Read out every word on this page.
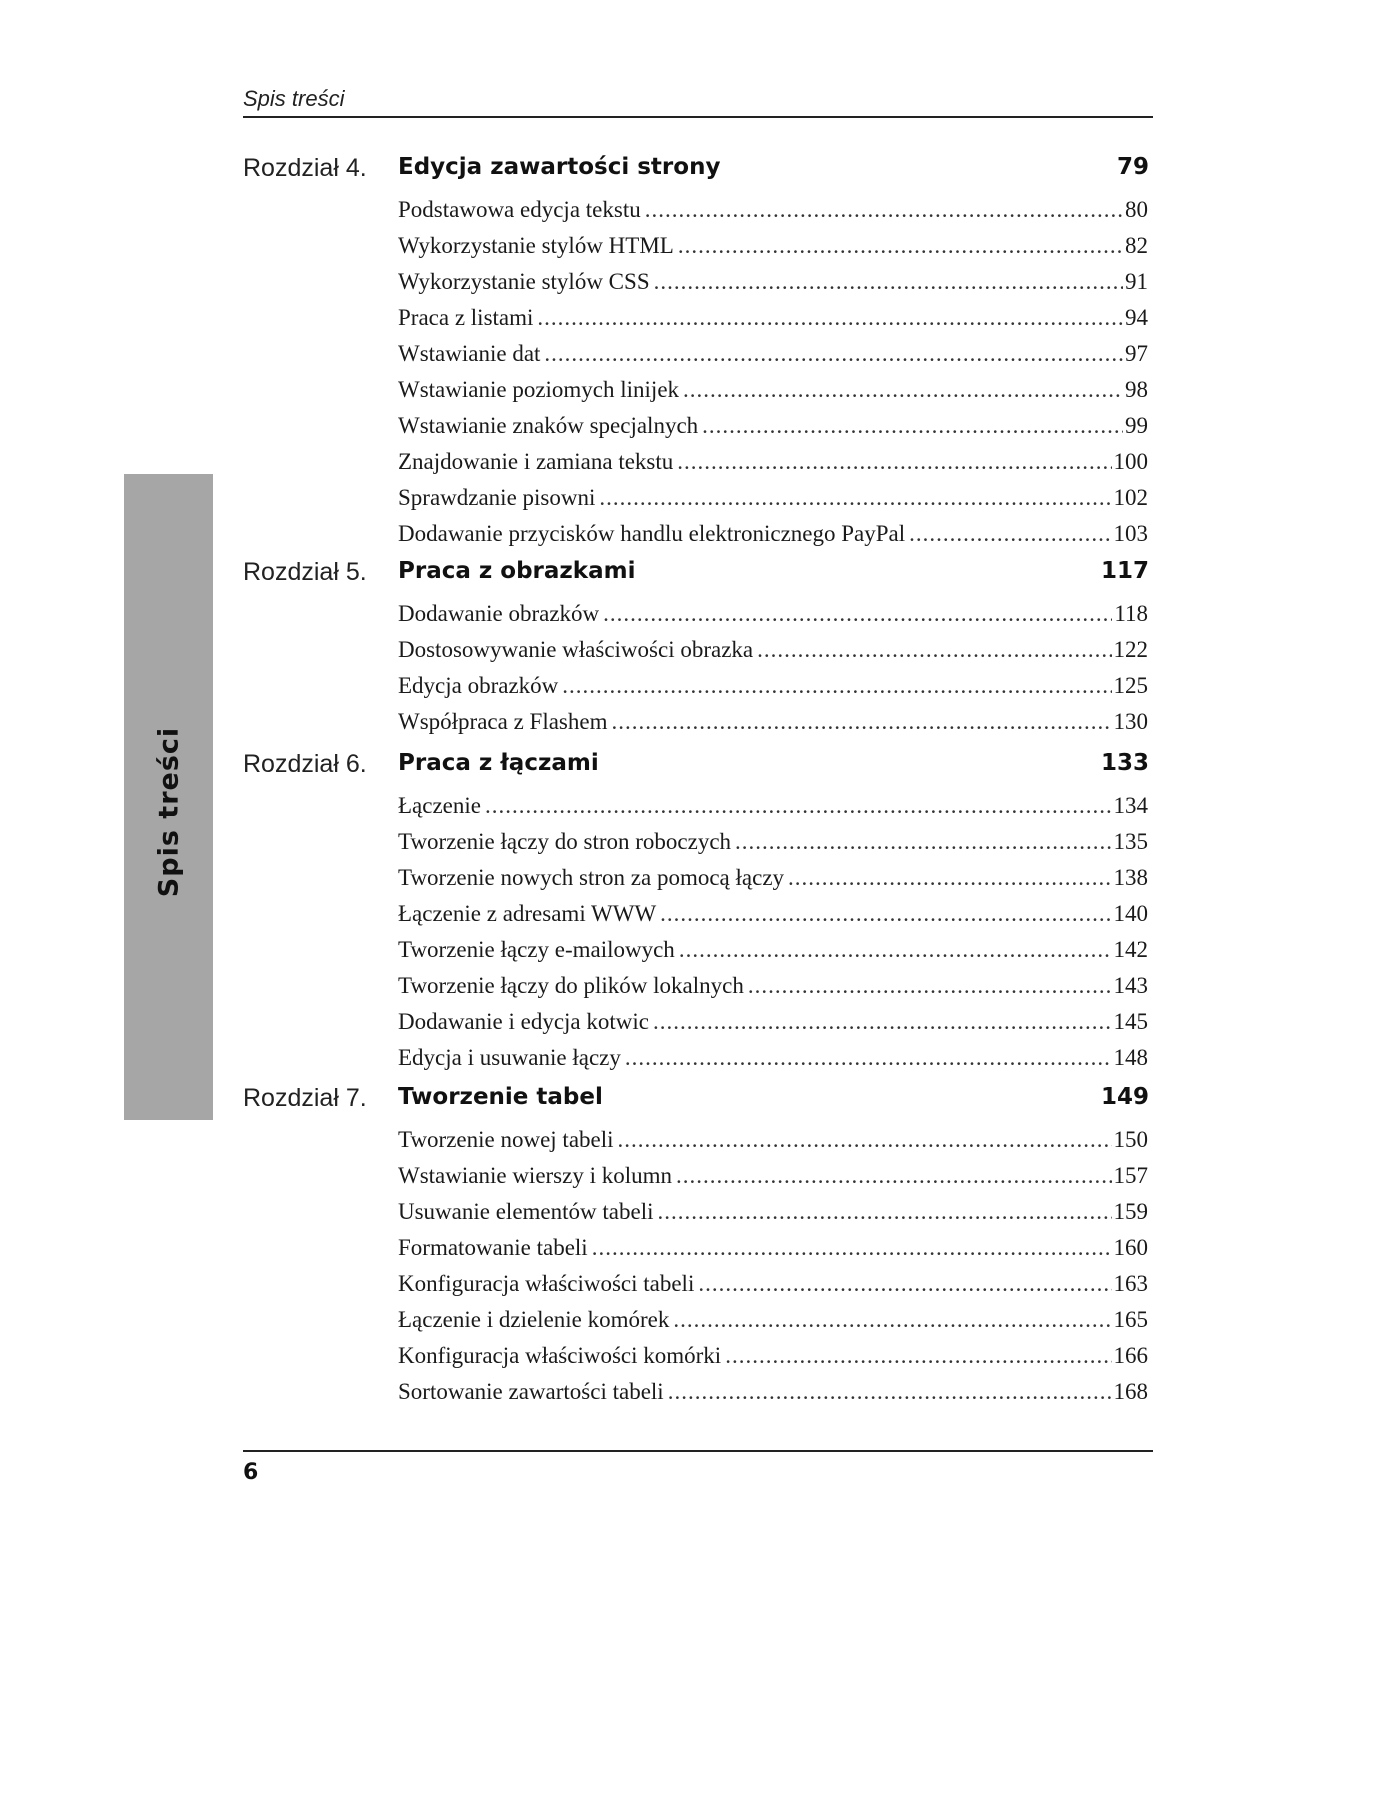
Spis treści
Spis treści
Rozdział 4. Edycja zawartości strony	79
Podstawowa edycja tekstu .....	80
Wykorzystanie stylów HTML .....	82
Wykorzystanie stylów CSS .....	91
Praca z listami .....	94
Wstawianie dat .....	97
Wstawianie poziomych linijek .....	98
Wstawianie znaków specjalnych .....	99
Znajdowanie i zamiana tekstu .....	100
Sprawdzanie pisowni .....	102
Dodawanie przycisków handlu elektronicznego PayPal .....	103
Rozdział 5. Praca z obrazkami	117
Dodawanie obrazków .....	118
Dostosowywanie właściwości obrazka .....	122
Edycja obrazków .....	125
Współpraca z Flashem .....	130
Rozdział 6. Praca z łączami	133
Łączenie .....	134
Tworzenie łączy do stron roboczych .....	135
Tworzenie nowych stron za pomocą łączy .....	138
Łączenie z adresami WWW .....	140
Tworzenie łączy e-mailowych .....	142
Tworzenie łączy do plików lokalnych .....	143
Dodawanie i edycja kotwic .....	145
Edycja i usuwanie łączy .....	148
Rozdział 7. Tworzenie tabel	149
Tworzenie nowej tabeli .....	150
Wstawianie wierszy i kolumn .....	157
Usuwanie elementów tabeli .....	159
Formatowanie tabeli .....	160
Konfiguracja właściwości tabeli .....	163
Łączenie i dzielenie komórek .....	165
Konfiguracja właściwości komórki .....	166
Sortowanie zawartości tabeli .....	168
6
